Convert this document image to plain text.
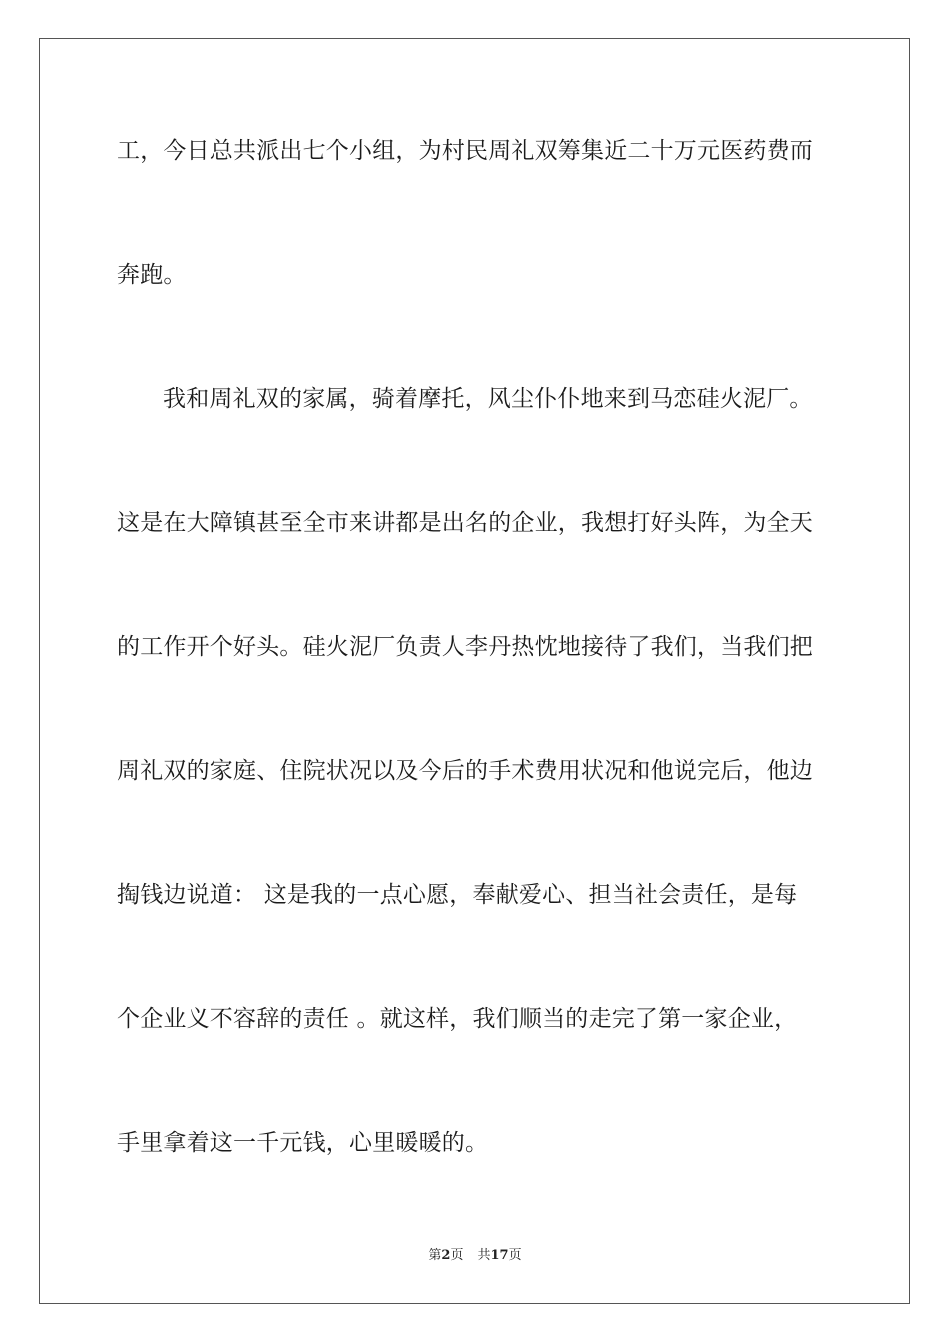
工，今日总共派出七个小组，为村民周礼双筹集近二十万元医药费而
奔跑。
我和周礼双的家属，骑着摩托，风尘仆仆地来到马恋硅火泥厂。
这是在大障镇甚至全市来讲都是出名的企业，我想打好头阵，为全天
的工作开个好头。硅火泥厂负责人李丹热忱地接待了我们，当我们把
周礼双的家庭、住院状况以及今后的手术费用状况和他说完后，他边
掏钱边说道： 这是我的一点心愿，奉献爱心、担当社会责任，是每
个企业义不容辞的责任 。就这样，我们顺当的走完了第一家企业，
手里拿着这一千元钱，心里暖暖的。
第2页 共17页
